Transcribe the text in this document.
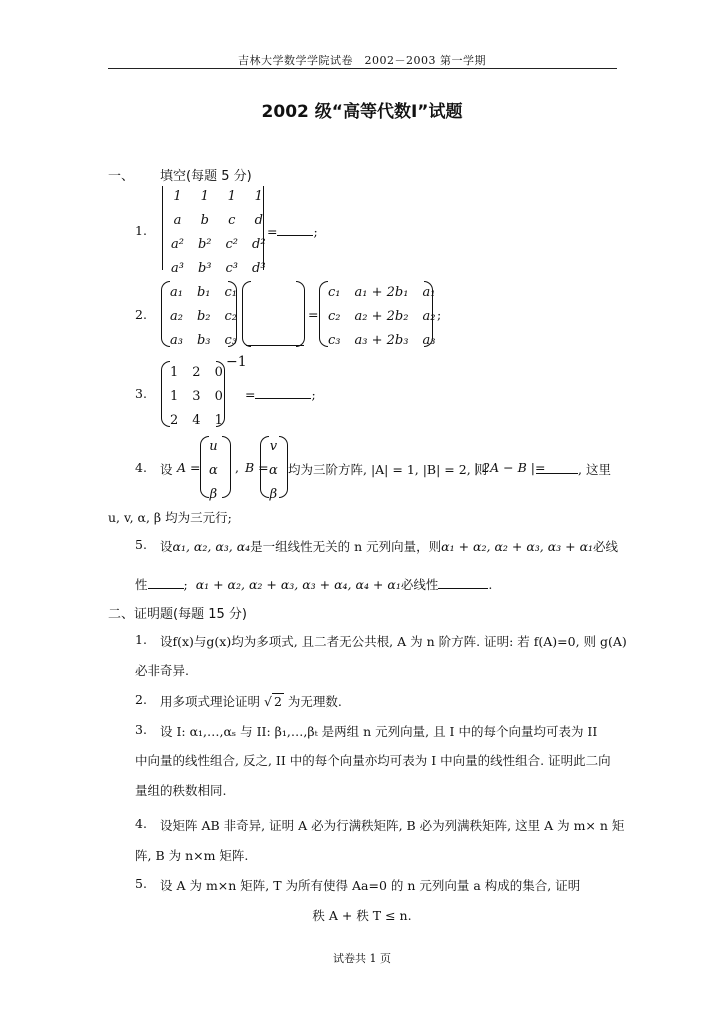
吉林大学数学学院试卷　2002－2003 第一学期
2002 级“高等代数Ⅰ”试题
一、 填空(每题 5 分)
1.
1	1	1	1
a	b	c	d
a²	b²	c²	d²
a³	b³	c³	d³
=	;
2.
a₁	b₁	c₁
a₂	b₂	c₂
a₃	b₃	c₃
=
c₁	a₁ + 2b₁	a₁
c₂	a₂ + 2b₂	a₂
c₃	a₃ + 2b₃	a₃
;
3.
1	2	0
1	3	0
2	4	1
−1
=	;
4. 设 A =
u
α
β
, B =
v
α
β
均为三阶方阵, |A| = 1, |B| = 2, 则
| 2A − B |=	, 这里
u, v, α, β 均为三元行;
5. 设α₁, α₂, α₃, α₄是一组线性无关的 n 元列向量，则α₁ + α₂, α₂ + α₃, α₃ + α₁必线
性	; α₁ + α₂, α₂ + α₃, α₃ + α₄, α₄ + α₁必线性	.
二、证明题(每题 15 分)
1. 设f(x)与g(x)均为多项式, 且二者无公共根, A 为 n 阶方阵. 证明: 若 f(A)=0, 则 g(A)
必非奇异.
2. 用多项式理论证明 √ 2 为无理数.
3. 设 I: α₁,…,αₛ 与 II: β₁,…,βₜ 是两组 n 元列向量, 且 I 中的每个向量均可表为 II
中向量的线性组合, 反之, II 中的每个向量亦均可表为 I 中向量的线性组合. 证明此二向
量组的秩数相同.
4. 设矩阵 AB 非奇异, 证明 A 必为行满秩矩阵, B 必为列满秩矩阵, 这里 A 为 m× n 矩
阵, B 为 n×m 矩阵.
5. 设 A 为 m×n 矩阵, T 为所有使得 Aa=0 的 n 元列向量 a 构成的集合, 证明
秩 A + 秩 T ≤ n.
试卷共 1 页
